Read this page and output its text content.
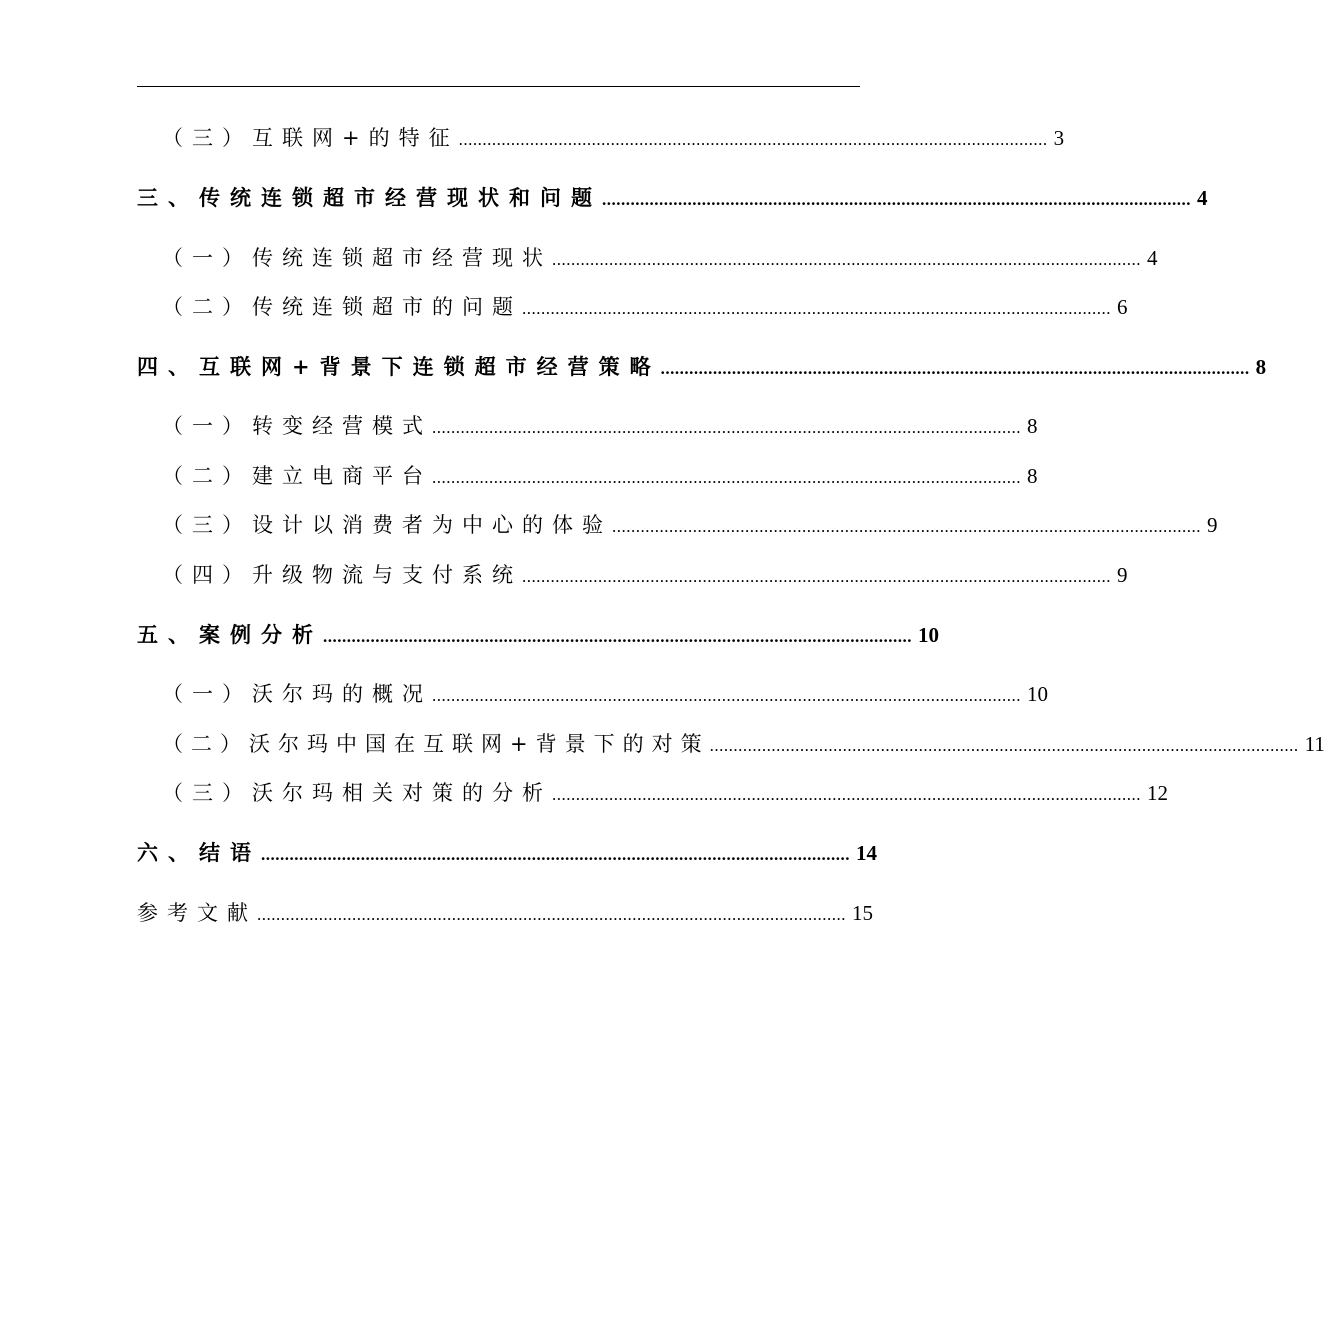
（三）互联网+的特征 ............................................................................................................................ 3
三、传统连锁超市经营现状和问题 ............................................................................................................................ 4
（一）传统连锁超市经营现状 ............................................................................................................................ 4
（二）传统连锁超市的问题 ............................................................................................................................ 6
四、互联网+背景下连锁超市经营策略 ............................................................................................................................ 8
（一）转变经营模式 ............................................................................................................................ 8
（二）建立电商平台 ............................................................................................................................ 8
（三）设计以消费者为中心的体验 ............................................................................................................................ 9
（四）升级物流与支付系统 ............................................................................................................................ 9
五、案例分析 ............................................................................................................................ 10
（一）沃尔玛的概况 ............................................................................................................................ 10
（二）沃尔玛中国在互联网+背景下的对策 ............................................................................................................................ 11
（三）沃尔玛相关对策的分析 ............................................................................................................................ 12
六、结语 ............................................................................................................................ 14
参考文献 ............................................................................................................................ 15
